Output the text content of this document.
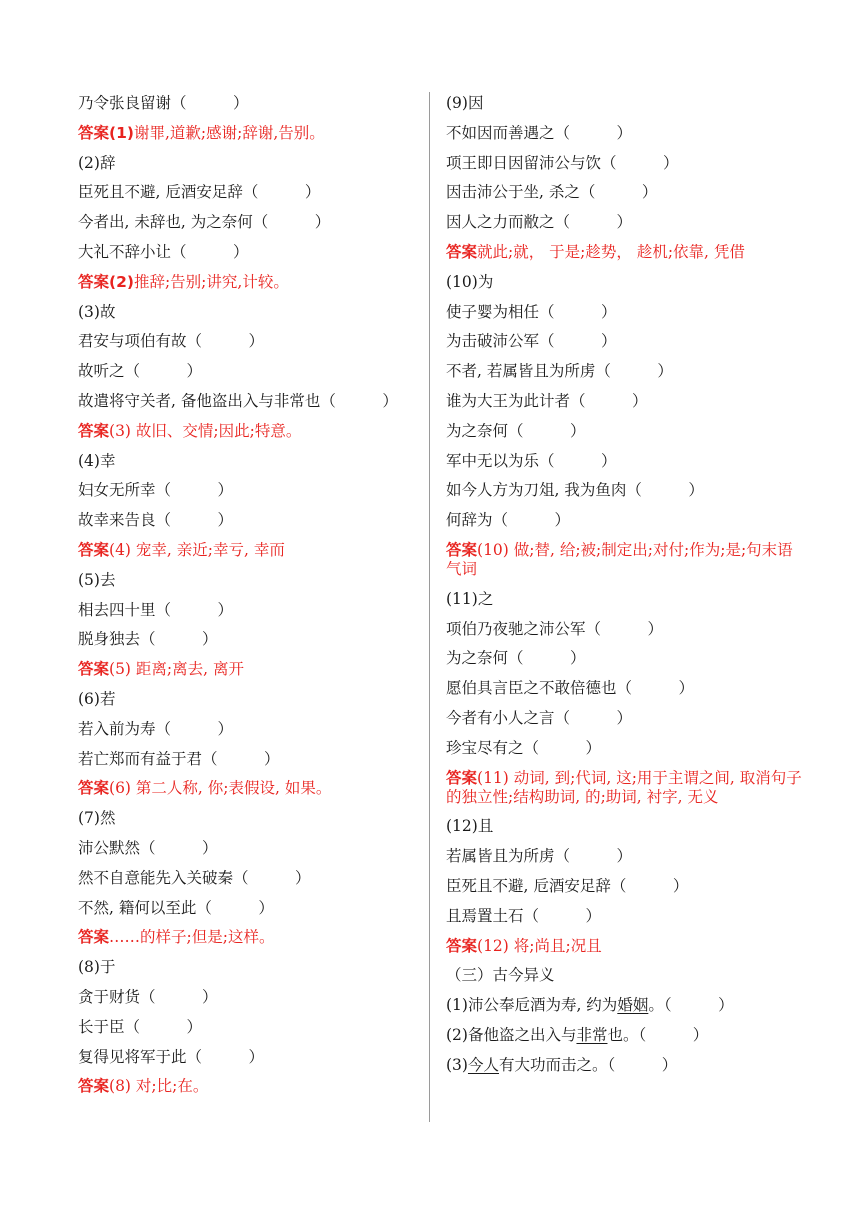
乃令张良留谢（　　　）
答案(1)谢罪,道歉;感谢;辞谢,告别。
(2)辞
臣死且不避, 卮酒安足辞（　　　）
今者出, 未辞也, 为之奈何（　　　）
大礼不辞小让（　　　）
答案(2)推辞;告别;讲究,计较。
(3)故
君安与项伯有故（　　　）
故听之（　　　）
故遣将守关者, 备他盗出入与非常也（　　　）
答案(3) 故旧、交情;因此;特意。
(4)幸
妇女无所幸（　　　）
故幸来告良（　　　）
答案(4) 宠幸, 亲近;幸亏, 幸而
(5)去
相去四十里（　　　）
脱身独去（　　　）
答案(5) 距离;离去, 离开
(6)若
若入前为寿（　　　）
若亡郑而有益于君（　　　）
答案(6) 第二人称, 你;表假设, 如果。
(7)然
沛公默然（　　　）
然不自意能先入关破秦（　　　）
不然, 籍何以至此（　　　）
答案……的样子;但是;这样。
(8)于
贪于财货（　　　）
长于臣（　　　）
复得见将军于此（　　　）
答案(8) 对;比;在。
(9)因
不如因而善遇之（　　　）
项王即日因留沛公与饮（　　　）
因击沛公于坐, 杀之（　　　）
因人之力而敝之（　　　）
答案就此;就， 于是;趁势， 趁机;依靠, 凭借
(10)为
使子婴为相任（　　　）
为击破沛公军（　　　）
不者, 若属皆且为所虏（　　　）
谁为大王为此计者（　　　）
为之奈何（　　　）
军中无以为乐（　　　）
如今人方为刀俎, 我为鱼肉（　　　）
何辞为（　　　）
答案(10) 做;替, 给;被;制定出;对付;作为;是;句末语气词
(11)之
项伯乃夜驰之沛公军（　　　）
为之奈何（　　　）
愿伯具言臣之不敢倍德也（　　　）
今者有小人之言（　　　）
珍宝尽有之（　　　）
答案(11) 动词, 到;代词, 这;用于主谓之间, 取消句子的独立性;结构助词, 的;助词, 衬字, 无义
(12)且
若属皆且为所虏（　　　）
臣死且不避, 卮酒安足辞（　　　）
且焉置土石（　　　）
答案(12) 将;尚且;况且
（三）古今异义
(1)沛公奉卮酒为寿, 约为婚姻。（　　　）
(2)备他盗之出入与非常也。（　　　）
(3)今人有大功而击之。（　　　）
